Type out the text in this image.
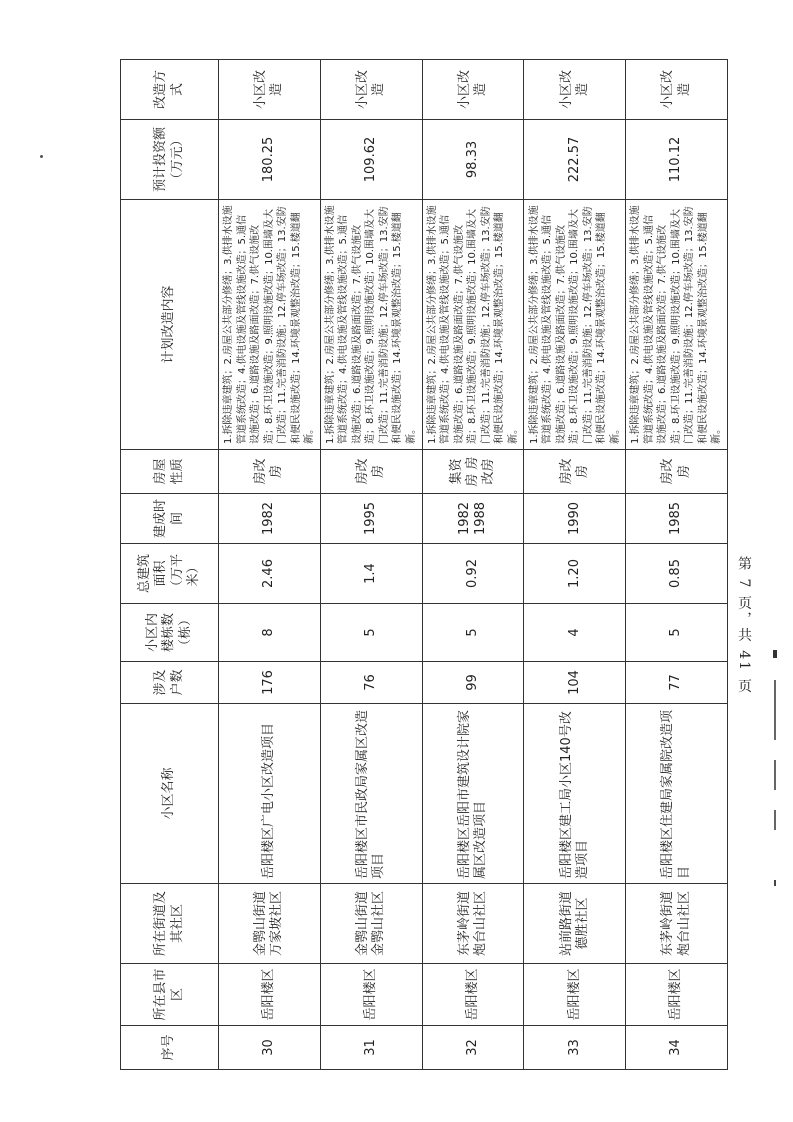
序号	所在县市区	所在街道及其社区	小区名称	涉及户数	小区内楼栋数（栋）	总建筑面积（万平米）	建成时间	房屋性质	计划改造内容	预计投资额（万元）	改造方式
30	岳阳楼区	金鹗山街道万家坡社区	岳阳楼区广电小区改造项目	176	8	2.46	1982	房改房	1.拆除违章建筑；2.房屋公共部分修缮；3.供排水设施管道系统改造；4.供电设施及管线设施改造；5.通信设施改造；6.道路设施及路面改造；7.供气设施改造；8.环卫设施改造；9.照明设施改造；10.围墙及大门改造；11.完善消防设施；12.停车场改造；13.安防和便民设施改造；14.环境景观整治改造；15.楼道翻新。	180.25	小区改造
31	岳阳楼区	金鹗山街道金鹗山社区	岳阳楼区市民政局家属区改造项目	76	5	1.4	1995	房改房	1.拆除违章建筑；2.房屋公共部分修缮；3.供排水设施管道系统改造；4.供电设施及管线设施改造；5.通信设施改造；6.道路设施及路面改造；7.供气设施改造；8.环卫设施改造；9.照明设施改造；10.围墙及大门改造；11.完善消防设施；12.停车场改造；13.安防和便民设施改造；14.环境景观整治改造；15.楼道翻新。	109.62	小区改造
32	岳阳楼区	东茅岭街道炮台山社区	岳阳楼区岳阳市建筑设计院家属区改造项目	99	5	0.92	1982 1988	集资房 房改房	1.拆除违章建筑；2.房屋公共部分修缮；3.供排水设施管道系统改造；4.供电设施及管线设施改造；5.通信设施改造；6.道路设施及路面改造；7.供气设施改造；8.环卫设施改造；9.照明设施改造；10.围墙及大门改造；11.完善消防设施；12.停车场改造；13.安防和便民设施改造；14.环境景观整治改造；15.楼道翻新。	98.33	小区改造
33	岳阳楼区	站前路街道德胜社区	岳阳楼区建工局小区140号改造项目	104	4	1.20	1990	房改房	1.拆除违章建筑；2.房屋公共部分修缮；3.供排水设施管道系统改造；4.供电设施及管线设施改造；5.通信设施改造；6.道路设施及路面改造；7.供气设施改造；8.环卫设施改造；9.照明设施改造；10.围墙及大门改造；11.完善消防设施；12.停车场改造；13.安防和便民设施改造；14.环境景观整治改造；15.楼道翻新。	222.57	小区改造
34	岳阳楼区	东茅岭街道炮台山社区	岳阳楼区住建局家属院改造项目	77	5	0.85	1985	房改房	1.拆除违章建筑；2.房屋公共部分修缮；3.供排水设施管道系统改造；4.供电设施及管线设施改造；5.通信设施改造；6.道路设施及路面改造；7.供气设施改造；8.环卫设施改造；9.照明设施改造；10.围墙及大门改造；11.完善消防设施；12.停车场改造；13.安防和便民设施改造；14.环境景观整治改造；15.楼道翻新。	110.12	小区改造
第 7 页，共 41 页
